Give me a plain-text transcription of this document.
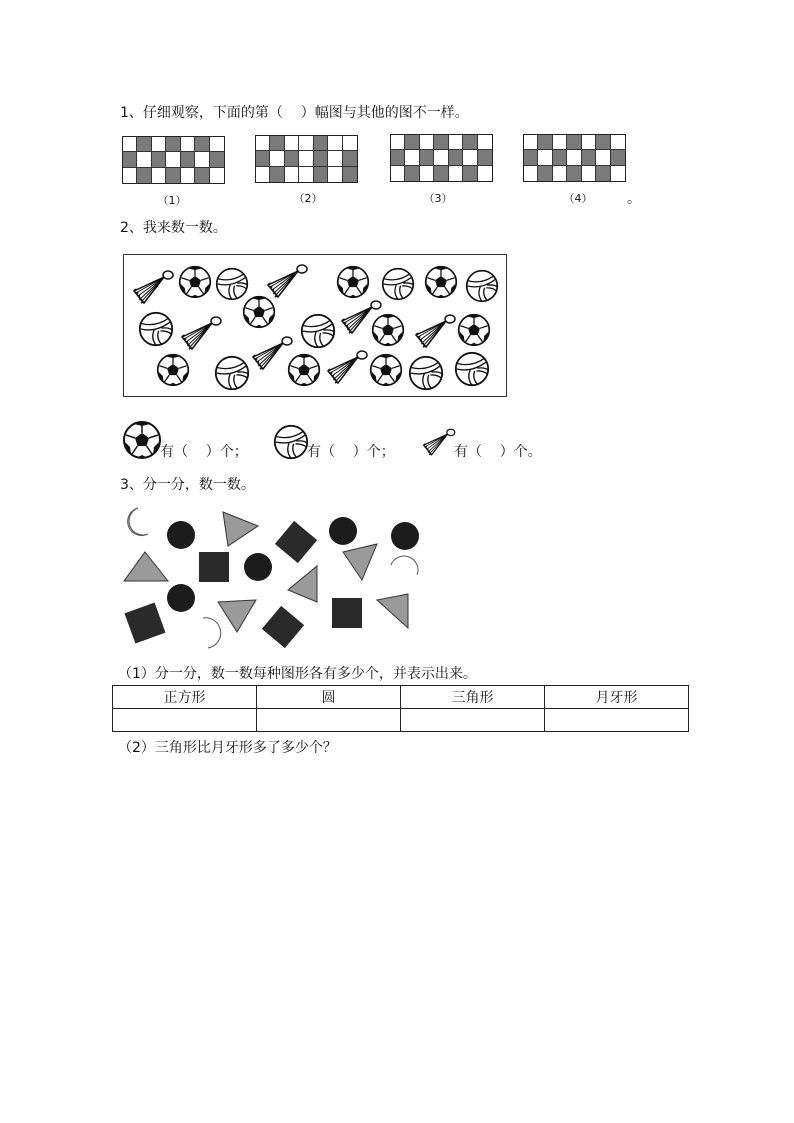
1、仔细观察，下面的第（    ）幅图与其他的图不一样。
（1）	（2）	（3）	（4）	。
2、我来数一数。
有（    ）个；	有（    ）个；	有（    ）个。
3、分一分，数一数。
（1）分一分，数一数每种图形各有多少个，并表示出来。
正方形	圆	三角形	月牙形

（2）三角形比月牙形多了多少个？
